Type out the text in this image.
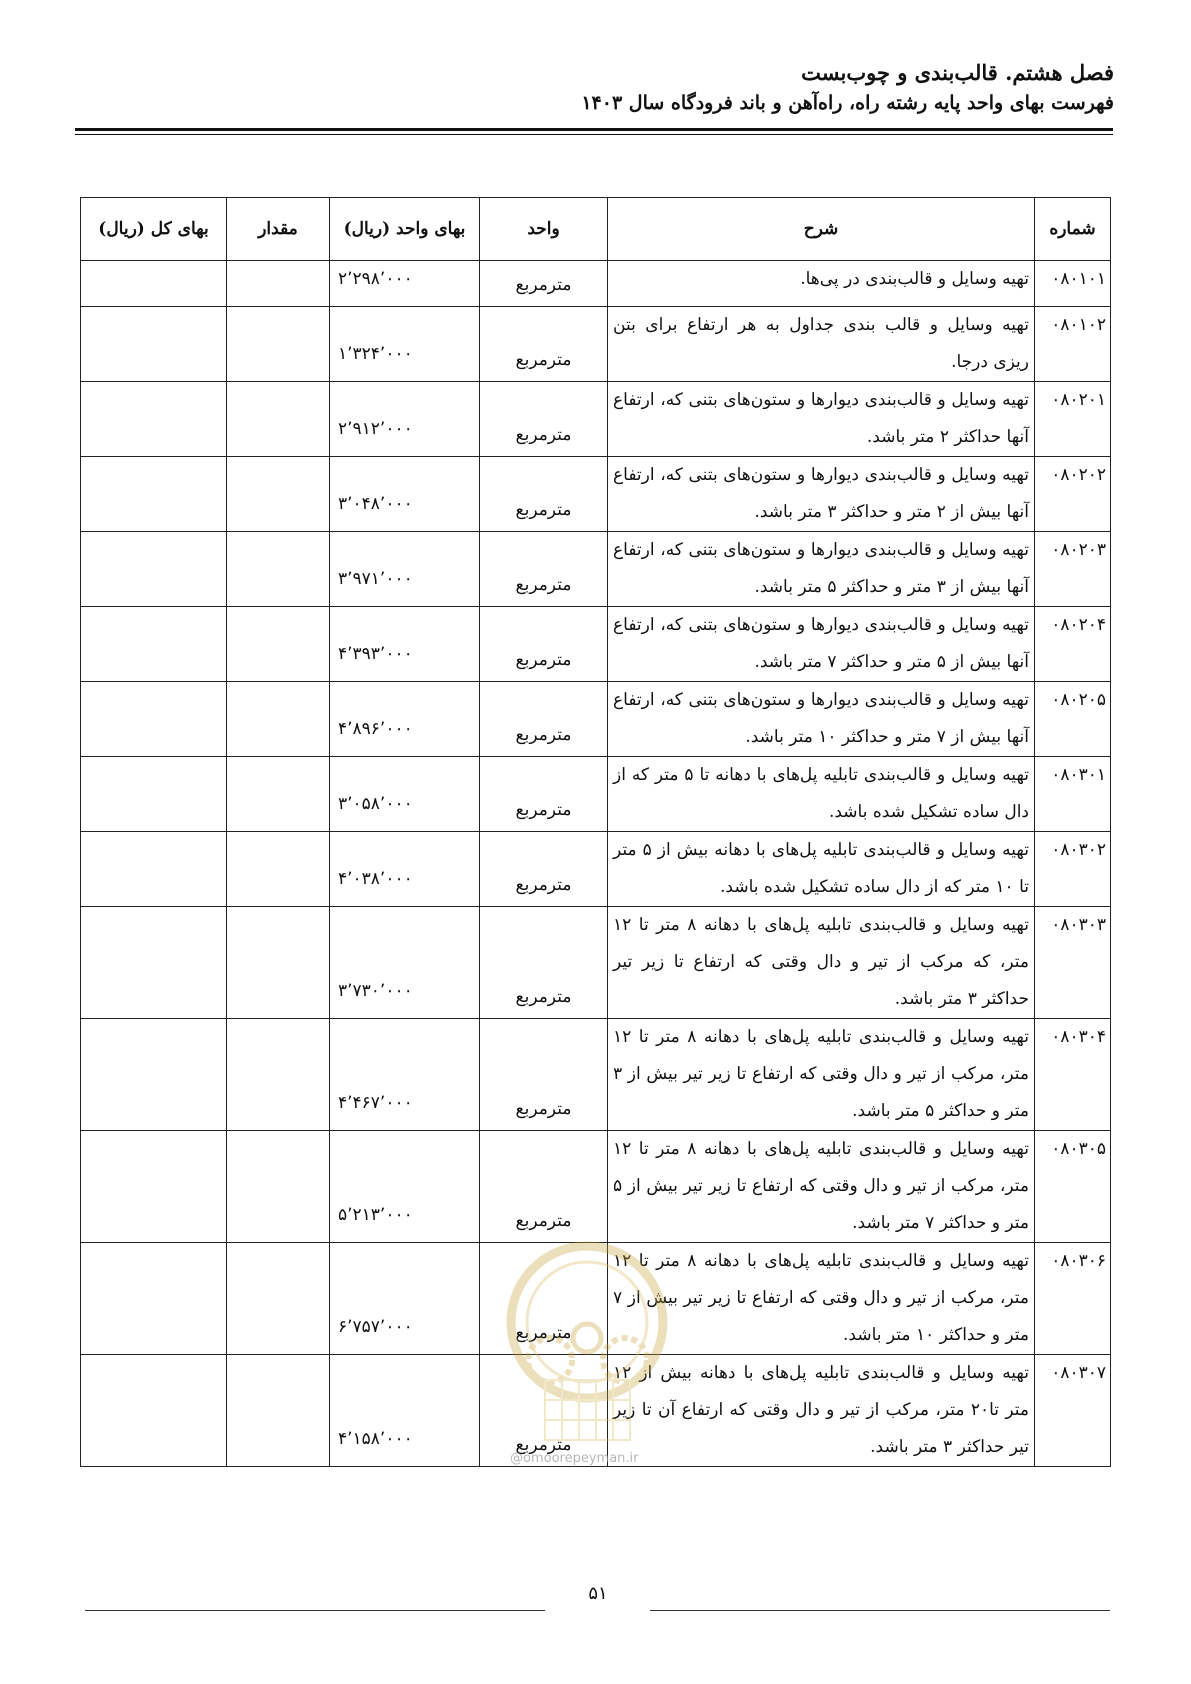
فصل هشتم. قالب‌بندی و چوب‌بست
فهرست بهای واحد پایه رشته راه، راه‌آهن و باند فرودگاه سال ۱۴۰۳
شماره	شرح	واحد	بهای واحد (ریال)	مقدار	بهای کل (ریال)
۰۸۰۱۰۱	تهیه وسایل و قالب‌بندی در پی‌ها.	مترمربع	۲٬۲۹۸٬۰۰۰		
۰۸۰۱۰۲	تهیه وسایل و قالب بندی جداول به هر ارتفاع برای بتن ریزی درجا.	مترمربع	۱٬۳۲۴٬۰۰۰		
۰۸۰۲۰۱	تهیه وسایل و قالب‌بندی دیوارها و ستون‌های بتنی که، ارتفاع آنها حداکثر ۲ متر باشد.	مترمربع	۲٬۹۱۲٬۰۰۰		
۰۸۰۲۰۲	تهیه وسایل و قالب‌بندی دیوارها و ستون‌های بتنی که، ارتفاع آنها بیش از ۲ متر و حداکثر ۳ متر باشد.	مترمربع	۳٬۰۴۸٬۰۰۰		
۰۸۰۲۰۳	تهیه وسایل و قالب‌بندی دیوارها و ستون‌های بتنی که، ارتفاع آنها بیش از ۳ متر و حداکثر ۵ متر باشد.	مترمربع	۳٬۹۷۱٬۰۰۰		
۰۸۰۲۰۴	تهیه وسایل و قالب‌بندی دیوارها و ستون‌های بتنی که، ارتفاع آنها بیش از ۵ متر و حداکثر ۷ متر باشد.	مترمربع	۴٬۳۹۳٬۰۰۰		
۰۸۰۲۰۵	تهیه وسایل و قالب‌بندی دیوارها و ستون‌های بتنی که، ارتفاع آنها بیش از ۷ متر و حداکثر ۱۰ متر باشد.	مترمربع	۴٬۸۹۶٬۰۰۰		
۰۸۰۳۰۱	تهیه وسایل و قالب‌بندی تابلیه پل‌های با دهانه تا ۵ متر که از دال ساده تشکیل شده باشد.	مترمربع	۳٬۰۵۸٬۰۰۰		
۰۸۰۳۰۲	تهیه وسایل و قالب‌بندی تابلیه پل‌های با دهانه بیش از ۵ متر تا ۱۰ متر که از دال ساده تشکیل شده باشد.	مترمربع	۴٬۰۳۸٬۰۰۰		
۰۸۰۳۰۳	تهیه وسایل و قالب‌بندی تابلیه پل‌های با دهانه ۸ متر تا ۱۲ متر، که مرکب از تیر و دال وقتی که ارتفاع تا زیر تیر حداکثر ۳ متر باشد.	مترمربع	۳٬۷۳۰٬۰۰۰		
۰۸۰۳۰۴	تهیه وسایل و قالب‌بندی تابلیه پل‌های با دهانه ۸ متر تا ۱۲ متر، مرکب از تیر و دال وقتی که ارتفاع تا زیر تیر بیش از ۳ متر و حداکثر ۵ متر باشد.	مترمربع	۴٬۴۶۷٬۰۰۰		
۰۸۰۳۰۵	تهیه وسایل و قالب‌بندی تابلیه پل‌های با دهانه ۸ متر تا ۱۲ متر، مرکب از تیر و دال وقتی که ارتفاع تا زیر تیر بیش از ۵ متر و حداکثر ۷ متر باشد.	مترمربع	۵٬۲۱۳٬۰۰۰		
۰۸۰۳۰۶	تهیه وسایل و قالب‌بندی تابلیه پل‌های با دهانه ۸ متر تا ۱۲ متر، مرکب از تیر و دال وقتی که ارتفاع تا زیر تیر بیش از ۷ متر و حداکثر ۱۰ متر باشد.	مترمربع	۶٬۷۵۷٬۰۰۰		
۰۸۰۳۰۷	تهیه وسایل و قالب‌بندی تابلیه پل‌های با دهانه بیش از ۱۲ متر تا۲۰ متر، مرکب از تیر و دال وقتی که ارتفاع آن تا زیر تیر حداکثر ۳ متر باشد.	مترمربع	۴٬۱۵۸٬۰۰۰		
@omoorepeyman.ir
۵۱
